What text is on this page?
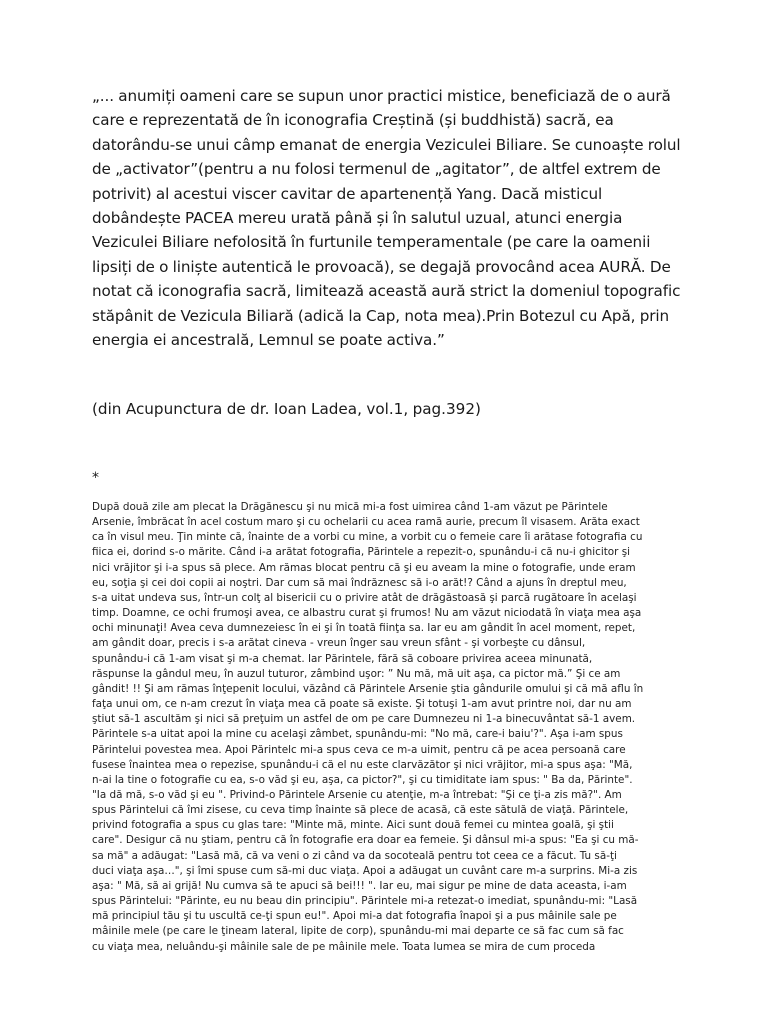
„... anumiți oameni care se supun unor practici mistice, beneficiază de o aură
care e reprezentată de în iconografia Creștină (și buddhistă) sacră, ea
datorându-se unui câmp emanat de energia Veziculei Biliare. Se cunoaște rolul
de „activator”(pentru a nu folosi termenul de „agitator”, de altfel extrem de
potrivit) al acestui viscer cavitar de apartenență Yang. Dacă misticul
dobândește PACEA mereu urată până și în salutul uzual, atunci energia
Veziculei Biliare nefolosită în furtunile temperamentale (pe care la oamenii
lipsiți de o liniște autentică le provoacă), se degajă provocând acea AURĂ. De
notat că iconografia sacră, limitează această aură strict la domeniul topografic
stăpânit de Vezicula Biliară (adică la Cap, nota mea).Prin Botezul cu Apă, prin
energia ei ancestrală, Lemnul se poate activa.”
(din Acupunctura de dr. Ioan Ladea, vol.1, pag.392)
*
După două zile am plecat la Drăgănescu şi nu mică mi-a fost uimirea când 1-am văzut pe Părintele
Arsenie, îmbrăcat în acel costum maro şi cu ochelarii cu acea ramă aurie, precum îl visasem. Arăta exact
ca în visul meu. Ţin minte că, înainte de a vorbi cu mine, a vorbit cu o femeie care îi arătase fotografia cu
fiica ei, dorind s-o mărite. Când i-a arătat fotografia, Părintele a repezit-o, spunându-i că nu-i ghicitor şi
nici vrăjitor şi i-a spus să plece. Am rămas blocat pentru că şi eu aveam la mine o fotografie, unde eram
eu, soţia şi cei doi copii ai noştri. Dar cum să mai îndrăznesc să i-o arăt!? Când a ajuns în dreptul meu,
s-a uitat undeva sus, într-un colţ al bisericii cu o privire atât de drăgăstoasă şi parcă rugătoare în acelaşi
timp. Doamne, ce ochi frumoşi avea, ce albastru curat şi frumos! Nu am văzut niciodată în viaţa mea aşa
ochi minunaţi! Avea ceva dumnezeiesc în ei şi în toată fiinţa sa. Iar eu am gândit în acel moment, repet,
am gândit doar, precis i s-a arătat cineva - vreun înger sau vreun sfânt - şi vorbeşte cu dânsul,
spunându-i că 1-am visat şi m-a chemat. Iar Părintele, fără să coboare privirea aceea minunată,
răspunse la gândul meu, în auzul tuturor, zâmbind uşor: ” Nu mă, mă uit aşa, ca pictor mă.” Şi ce am
gândit! !! Şi am rămas înţepenit locului, văzând că Părintele Arsenie ştia gândurile omului şi că mă aflu în
faţa unui om, ce n-am crezut în viaţa mea că poate să existe. Şi totuşi 1-am avut printre noi, dar nu am
ştiut să-1 ascultăm şi nici să preţuim un astfel de om pe care Dumnezeu ni 1-a binecuvântat să-1 avem.
Părintele s-a uitat apoi la mine cu acelaşi zâmbet, spunându-mi: "No mă, care-i baiu'?". Aşa i-am spus
Părintelui povestea mea. Apoi Părintelc mi-a spus ceva ce m-a uimit, pentru că pe acea persoană care
fusese înaintea mea o repezise, spunându-i că el nu este clarvăzător şi nici vrăjitor, mi-a spus aşa: "Mă,
n-ai la tine o fotografie cu ea, s-o văd şi eu, aşa, ca pictor?", şi cu timiditate iam spus: " Ba da, Părinte".
"Ia dă mă, s-o văd şi eu ". Privind-o Părintele Arsenie cu atenţie, m-a întrebat: "Şi ce ţi-a zis mă?". Am
spus Părintelui că îmi zisese, cu ceva timp înainte să plece de acasă, că este sătulă de viaţă. Părintele,
privind fotografia a spus cu glas tare: "Minte mă, minte. Aici sunt două femei cu mintea goală, şi ştii
care". Desigur că nu ştiam, pentru că în fotografie era doar ea femeie. Şi dânsul mi-a spus: "Ea şi cu mă-
sa mă" a adăugat: "Lasă mă, că va veni o zi când va da socoteală pentru tot ceea ce a făcut. Tu să-ţi
duci viaţa aşa…", şi îmi spuse cum să-mi duc viaţa. Apoi a adăugat un cuvânt care m-a surprins. Mi-a zis
aşa: " Mă, să ai grijă! Nu cumva să te apuci să bei!!! ". Iar eu, mai sigur pe mine de data aceasta, i-am
spus Părintelui: "Părinte, eu nu beau din principiu". Părintele mi-a retezat-o imediat, spunându-mi: "Lasă
mă principiul tău şi tu uscultă ce-ţi spun eu!". Apoi mi-a dat fotografia înapoi şi a pus mâinile sale pe
mâinile mele (pe care le ţineam lateral, lipite de corp), spunându-mi mai departe ce să fac cum să fac
cu viaţa mea, neluându-şi mâinile sale de pe mâinile mele. Toata lumea se mira de cum proceda
